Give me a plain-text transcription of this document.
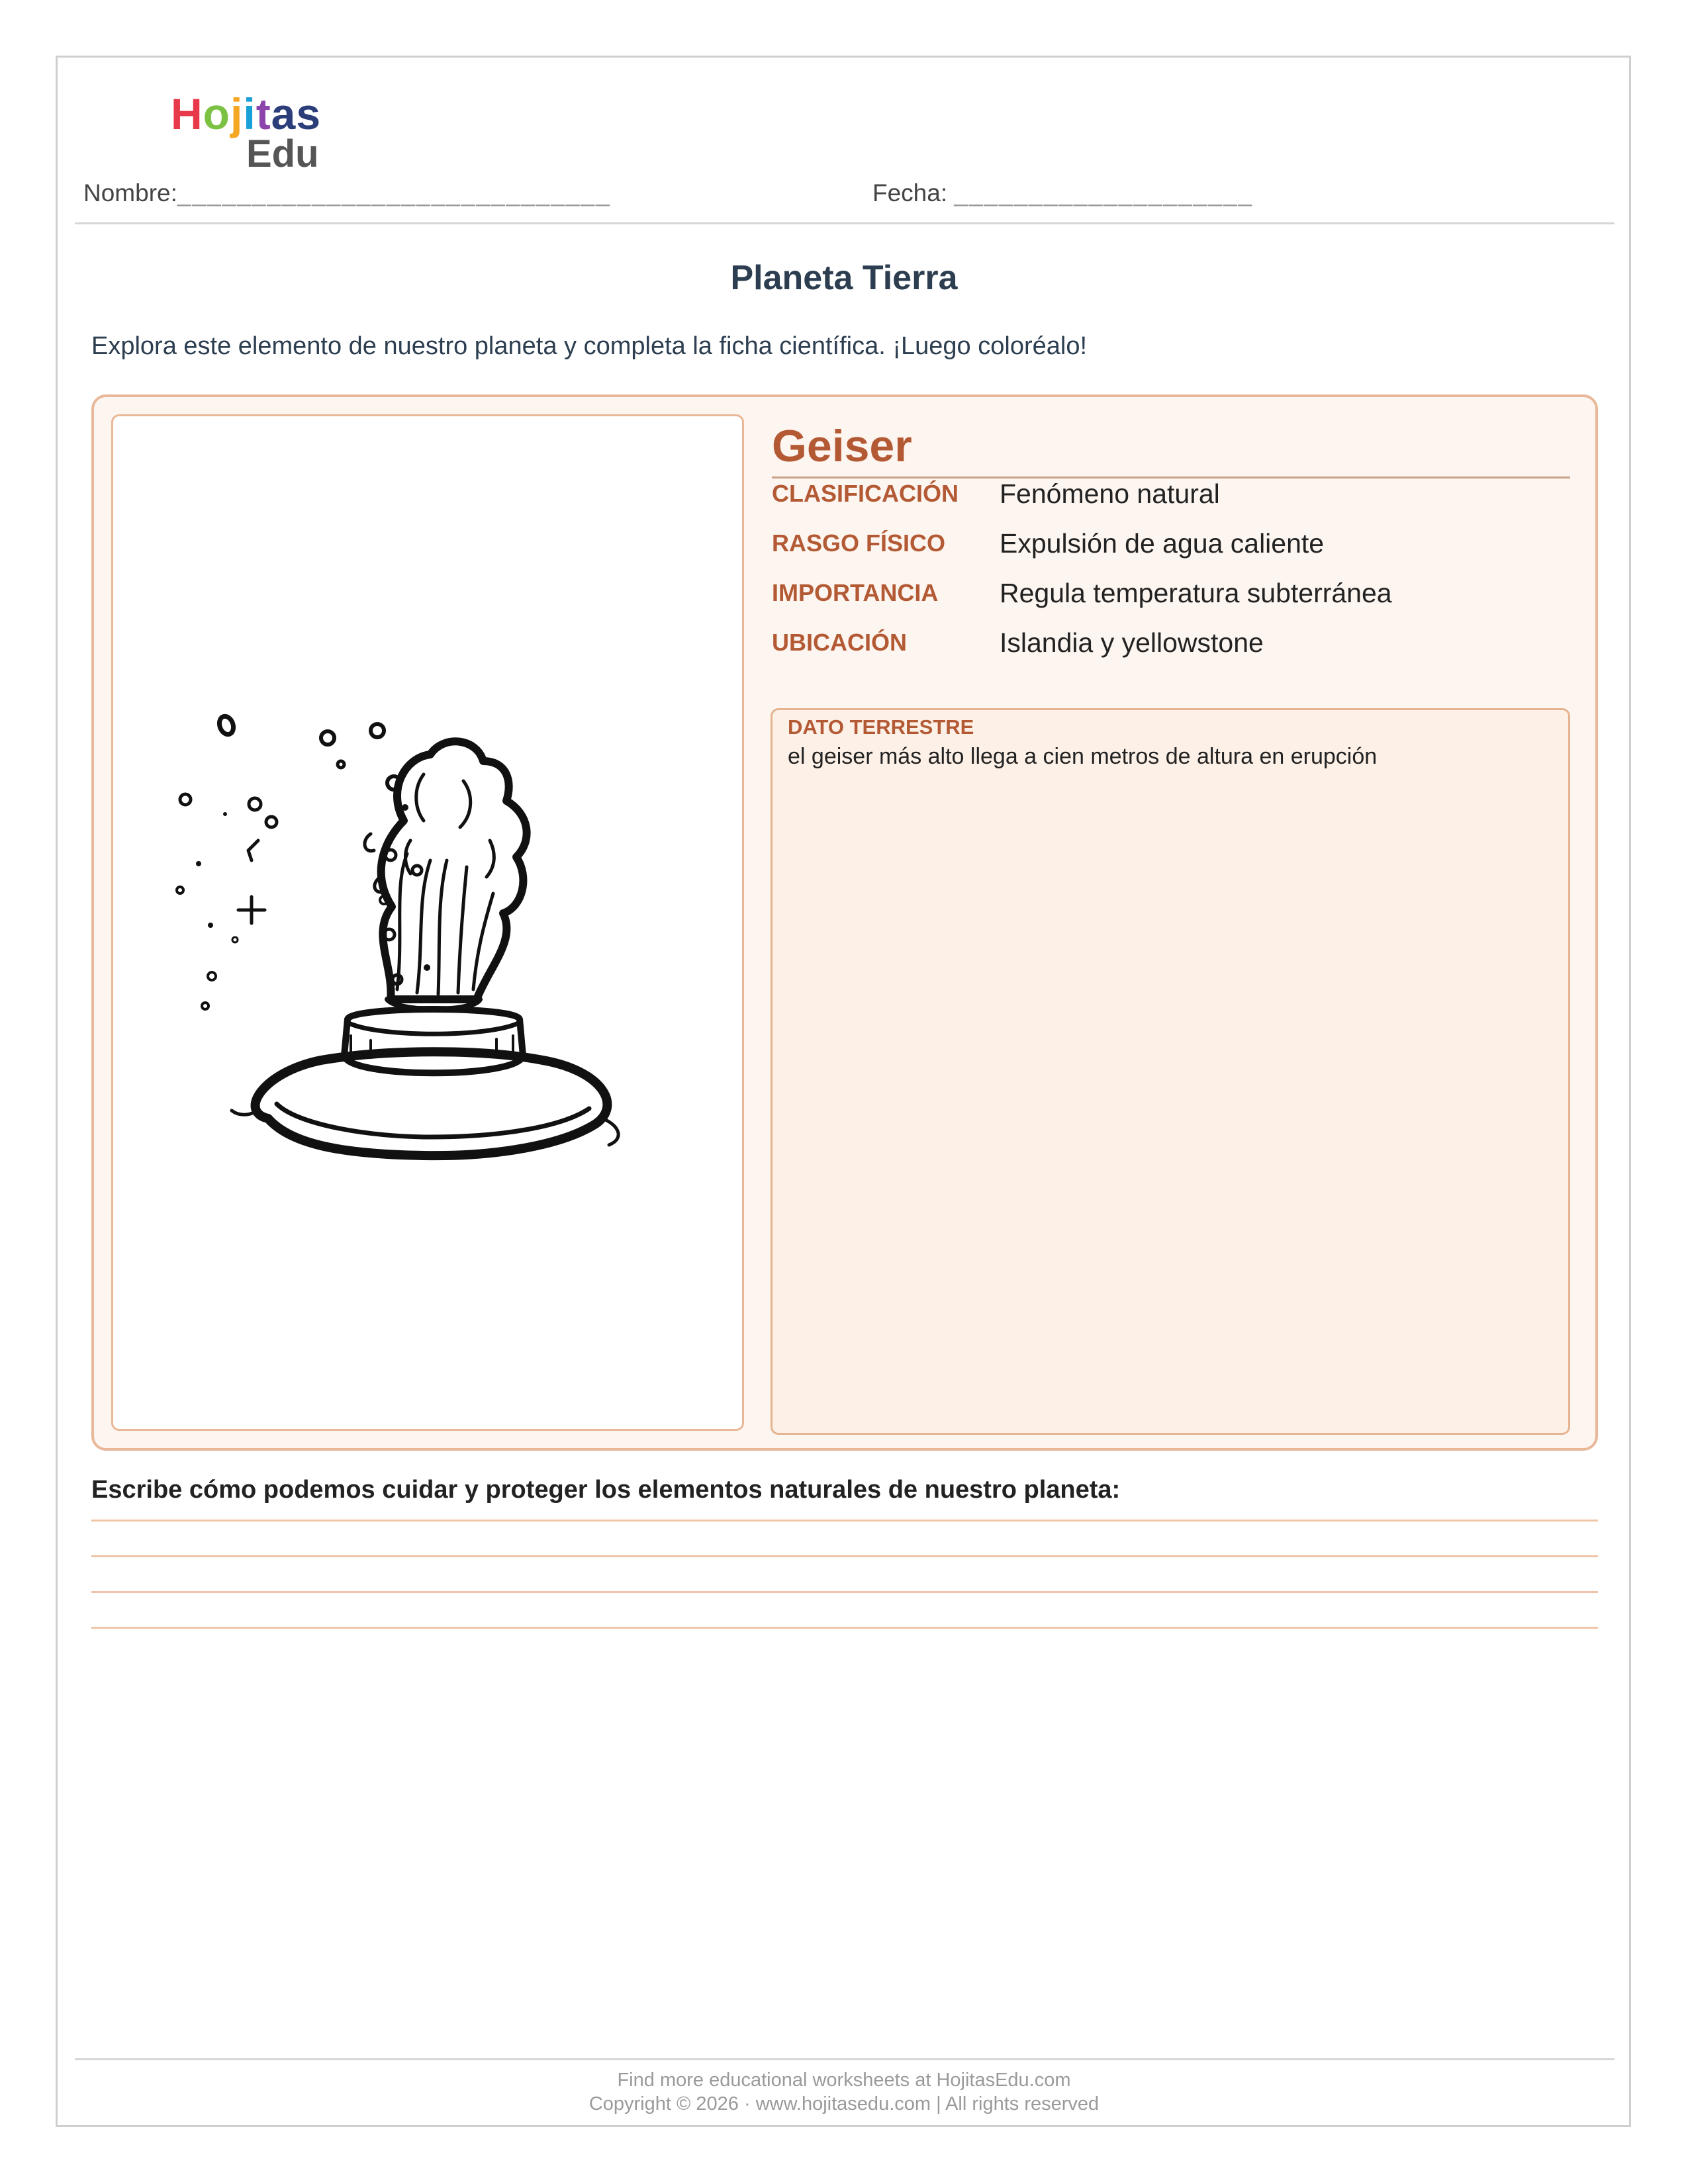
Hojitas
Edu
Nombre:_____________________________	Fecha: ____________________
Planeta Tierra
Explora este elemento de nuestro planeta y completa la ficha científica. ¡Luego coloréalo!
Geiser
CLASIFICACIÓN Fenómeno natural
RASGO FÍSICO Expulsión de agua caliente
IMPORTANCIA Regula temperatura subterránea
UBICACIÓN	Islandia y yellowstone
DATO TERRESTRE
el geiser más alto llega a cien metros de altura en erupción
Escribe cómo podemos cuidar y proteger los elementos naturales de nuestro planeta:
Find more educational worksheets at HojitasEdu.com
Copyright © 2026 · www.hojitasedu.com | All rights reserved
